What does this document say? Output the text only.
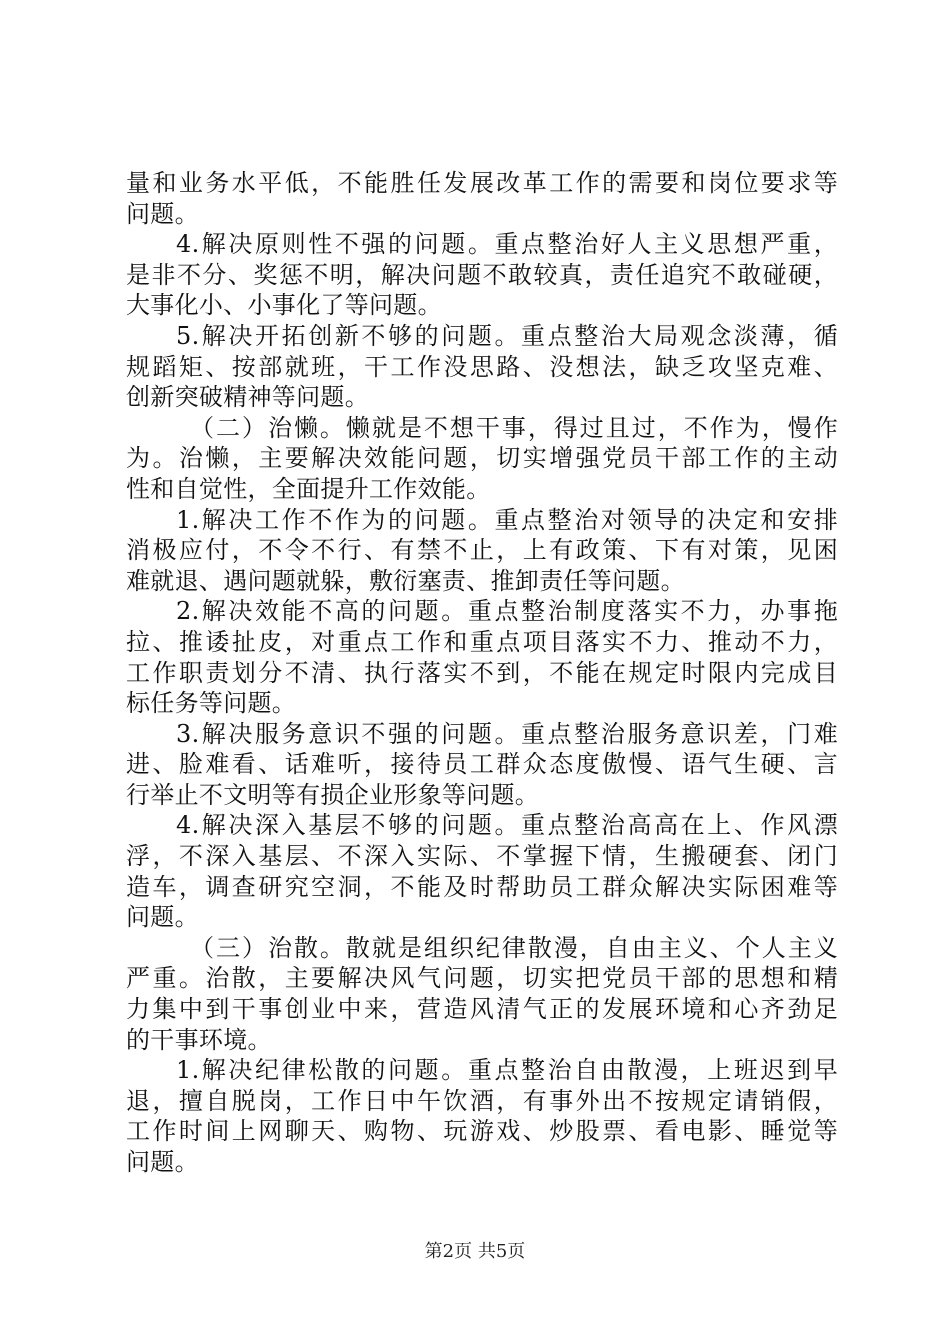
量和业务水平低，不能胜任发展改革工作的需要和岗位要求等
问题。
4.解决原则性不强的问题。重点整治好人主义思想严重，
是非不分、奖惩不明，解决问题不敢较真，责任追究不敢碰硬，
大事化小、小事化了等问题。
5.解决开拓创新不够的问题。重点整治大局观念淡薄，循
规蹈矩、按部就班，干工作没思路、没想法，缺乏攻坚克难、
创新突破精神等问题。
（二）治懒。懒就是不想干事，得过且过，不作为，慢作
为。治懒，主要解决效能问题，切实增强党员干部工作的主动
性和自觉性，全面提升工作效能。
1.解决工作不作为的问题。重点整治对领导的决定和安排
消极应付，不令不行、有禁不止，上有政策、下有对策，见困
难就退、遇问题就躲，敷衍塞责、推卸责任等问题。
2.解决效能不高的问题。重点整治制度落实不力，办事拖
拉、推诿扯皮，对重点工作和重点项目落实不力、推动不力，
工作职责划分不清、执行落实不到，不能在规定时限内完成目
标任务等问题。
3.解决服务意识不强的问题。重点整治服务意识差，门难
进、脸难看、话难听，接待员工群众态度傲慢、语气生硬、言
行举止不文明等有损企业形象等问题。
4.解决深入基层不够的问题。重点整治高高在上、作风漂
浮，不深入基层、不深入实际、不掌握下情，生搬硬套、闭门
造车，调查研究空洞，不能及时帮助员工群众解决实际困难等
问题。
（三）治散。散就是组织纪律散漫，自由主义、个人主义
严重。治散，主要解决风气问题，切实把党员干部的思想和精
力集中到干事创业中来，营造风清气正的发展环境和心齐劲足
的干事环境。
1.解决纪律松散的问题。重点整治自由散漫，上班迟到早
退，擅自脱岗，工作日中午饮酒，有事外出不按规定请销假，
工作时间上网聊天、购物、玩游戏、炒股票、看电影、睡觉等
问题。
第2页 共5页
